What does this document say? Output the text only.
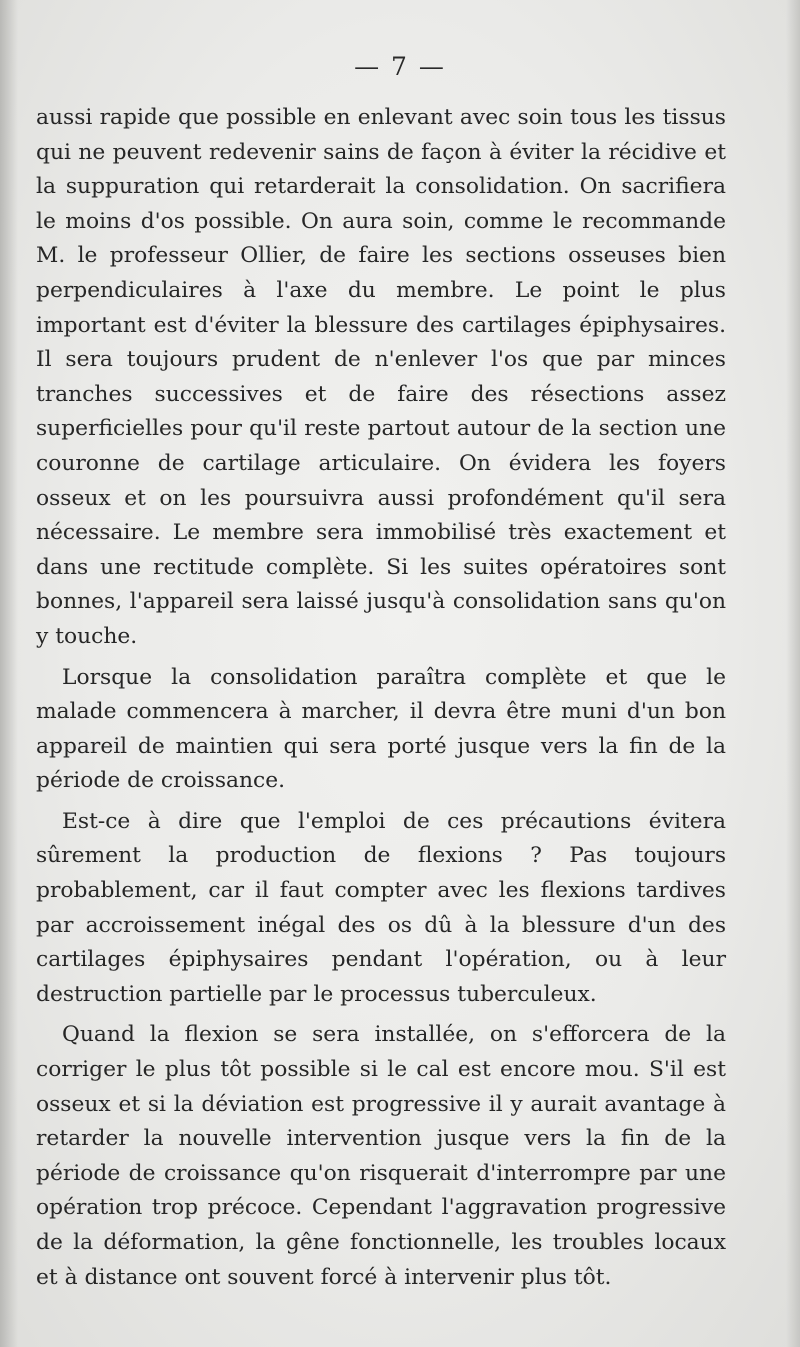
— 7 —

aussi rapide que possible en enlevant avec soin tous les tissus qui ne peuvent redevenir sains de façon à éviter la récidive et la suppuration qui retarderait la consolidation. On sacrifiera le moins d'os possible. On aura soin, comme le recommande M. le professeur Ollier, de faire les sections osseuses bien perpendiculaires à l'axe du membre. Le point le plus important est d'éviter la blessure des cartilages épiphysaires. Il sera toujours prudent de n'enlever l'os que par minces tranches successives et de faire des résections assez superficielles pour qu'il reste partout autour de la section une couronne de cartilage articulaire. On évidera les foyers osseux et on les poursuivra aussi profondément qu'il sera nécessaire. Le membre sera immobilisé très exactement et dans une rectitude complète. Si les suites opératoires sont bonnes, l'appareil sera laissé jusqu'à consolidation sans qu'on y touche.

Lorsque la consolidation paraîtra complète et que le malade commencera à marcher, il devra être muni d'un bon appareil de maintien qui sera porté jusque vers la fin de la période de croissance.

Est-ce à dire que l'emploi de ces précautions évitera sûrement la production de flexions ? Pas toujours probablement, car il faut compter avec les flexions tardives par accroissement inégal des os dû à la blessure d'un des cartilages épiphysaires pendant l'opération, ou à leur destruction partielle par le processus tuberculeux.

Quand la flexion se sera installée, on s'efforcera de la corriger le plus tôt possible si le cal est encore mou. S'il est osseux et si la déviation est progressive il y aurait avantage à retarder la nouvelle intervention jusque vers la fin de la période de croissance qu'on risquerait d'interrompre par une opération trop précoce. Cependant l'aggravation progressive de la déformation, la gêne fonctionnelle, les troubles locaux et à distance ont souvent forcé à intervenir plus tôt.
